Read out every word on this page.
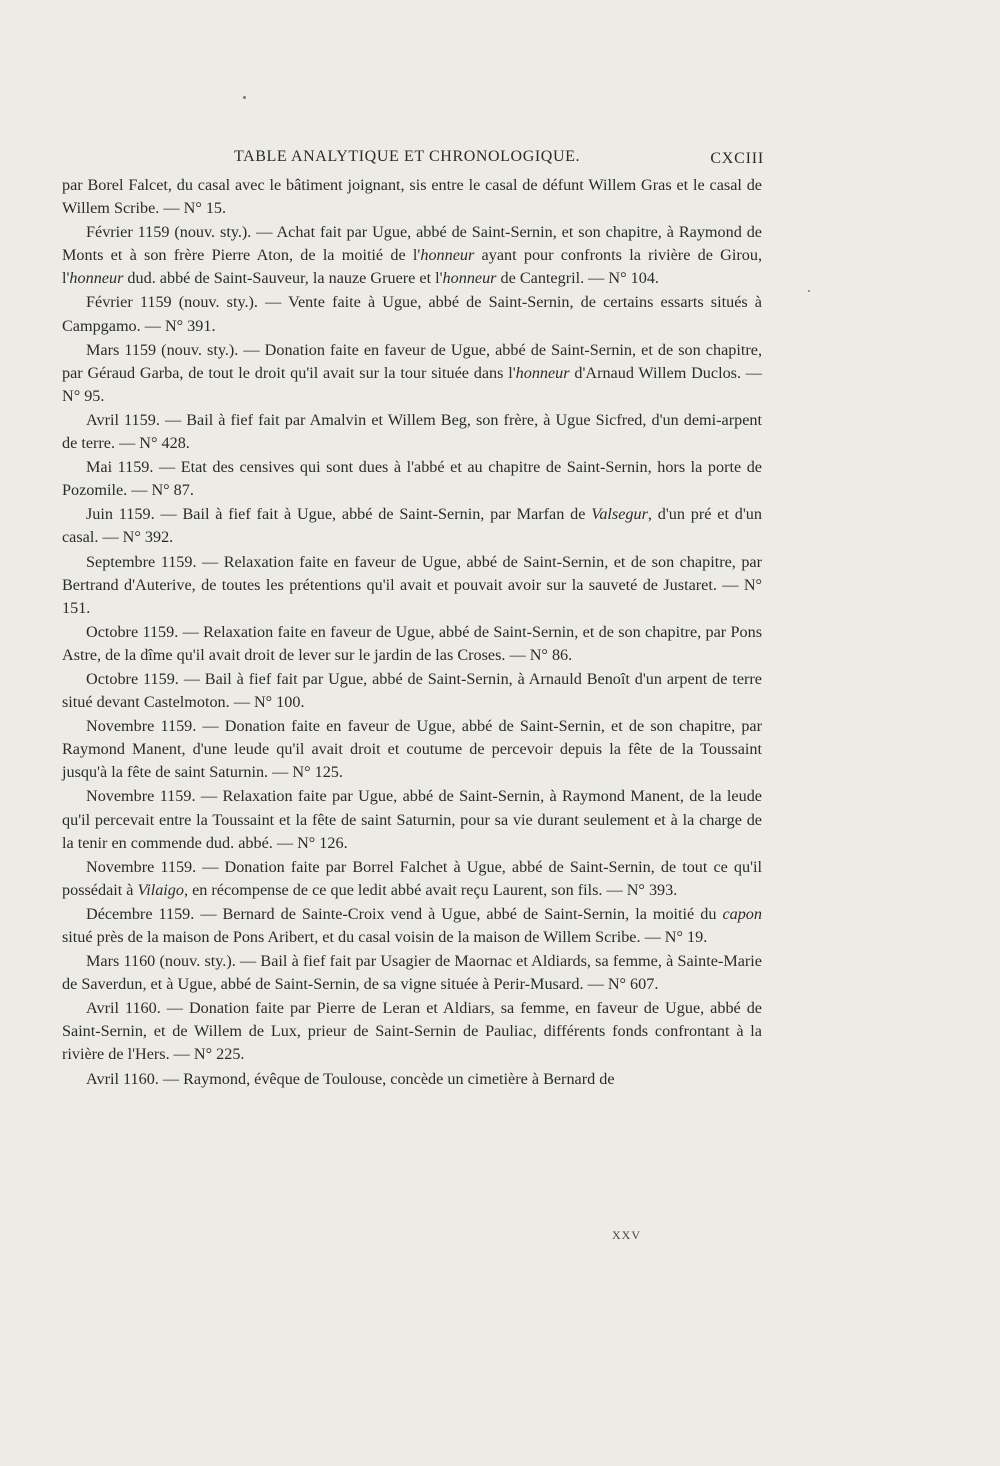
TABLE ANALYTIQUE ET CHRONOLOGIQUE.	CXCIII

par Borel Falcet, du casal avec le bâtiment joignant, sis entre le casal de défunt Willem Gras et le casal de Willem Scribe. — N° 15.

Février 1159 (nouv. sty.). — Achat fait par Ugue, abbé de Saint-Sernin, et son chapitre, à Raymond de Monts et à son frère Pierre Aton, de la moitié de l'honneur ayant pour confronts la rivière de Girou, l'honneur dud. abbé de Saint-Sauveur, la nauze Gruere et l'honneur de Cantegril. — N° 104.

Février 1159 (nouv. sty.). — Vente faite à Ugue, abbé de Saint-Sernin, de certains essarts situés à Campgamo. — N° 391.

Mars 1159 (nouv. sty.). — Donation faite en faveur de Ugue, abbé de Saint-Sernin, et de son chapitre, par Géraud Garba, de tout le droit qu'il avait sur la tour située dans l'honneur d'Arnaud Willem Duclos. — N° 95.

Avril 1159. — Bail à fief fait par Amalvin et Willem Beg, son frère, à Ugue Sicfred, d'un demi-arpent de terre. — N° 428.

Mai 1159. — Etat des censives qui sont dues à l'abbé et au chapitre de Saint-Sernin, hors la porte de Pozomile. — N° 87.

Juin 1159. — Bail à fief fait à Ugue, abbé de Saint-Sernin, par Marfan de Valsegur, d'un pré et d'un casal. — N° 392.

Septembre 1159. — Relaxation faite en faveur de Ugue, abbé de Saint-Sernin, et de son chapitre, par Bertrand d'Auterive, de toutes les prétentions qu'il avait et pouvait avoir sur la sauveté de Justaret. — N° 151.

Octobre 1159. — Relaxation faite en faveur de Ugue, abbé de Saint-Sernin, et de son chapitre, par Pons Astre, de la dîme qu'il avait droit de lever sur le jardin de las Croses. — N° 86.

Octobre 1159. — Bail à fief fait par Ugue, abbé de Saint-Sernin, à Arnauld Benoît d'un arpent de terre situé devant Castelmoton. — N° 100.

Novembre 1159. — Donation faite en faveur de Ugue, abbé de Saint-Sernin, et de son chapitre, par Raymond Manent, d'une leude qu'il avait droit et coutume de percevoir depuis la fête de la Toussaint jusqu'à la fête de saint Saturnin. — N° 125.

Novembre 1159. — Relaxation faite par Ugue, abbé de Saint-Sernin, à Raymond Manent, de la leude qu'il percevait entre la Toussaint et la fête de saint Saturnin, pour sa vie durant seulement et à la charge de la tenir en commende dud. abbé. — N° 126.

Novembre 1159. — Donation faite par Borrel Falchet à Ugue, abbé de Saint-Sernin, de tout ce qu'il possédait à Vilaigo, en récompense de ce que ledit abbé avait reçu Laurent, son fils. — N° 393.

Décembre 1159. — Bernard de Sainte-Croix vend à Ugue, abbé de Saint-Sernin, la moitié du capon situé près de la maison de Pons Aribert, et du casal voisin de la maison de Willem Scribe. — N° 19.

Mars 1160 (nouv. sty.). — Bail à fief fait par Usagier de Maornac et Aldiards, sa femme, à Sainte-Marie de Saverdun, et à Ugue, abbé de Saint-Sernin, de sa vigne située à Perir-Musard. — N° 607.

Avril 1160. — Donation faite par Pierre de Leran et Aldiars, sa femme, en faveur de Ugue, abbé de Saint-Sernin, et de Willem de Lux, prieur de Saint-Sernin de Pauliac, différents fonds confrontant à la rivière de l'Hers. — N° 225.

Avril 1160. — Raymond, évêque de Toulouse, concède un cimetière à Bernard de

XXV
